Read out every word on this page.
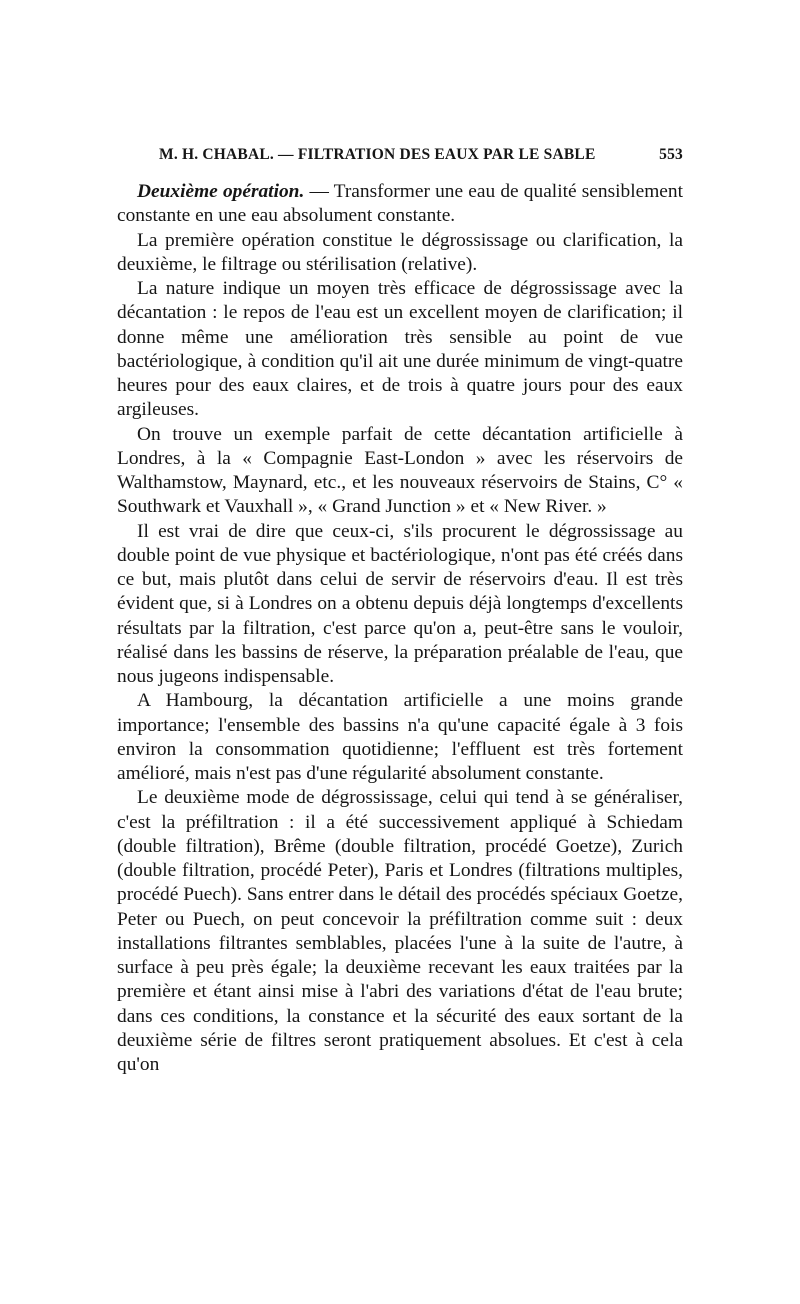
M. H. CHABAL. — FILTRATION DES EAUX PAR LE SABLE	553

Deuxième opération. — Transformer une eau de qualité sensiblement constante en une eau absolument constante.

La première opération constitue le dégrossissage ou clarification, la deuxième, le filtrage ou stérilisation (relative).

La nature indique un moyen très efficace de dégrossissage avec la décantation : le repos de l'eau est un excellent moyen de clarification; il donne même une amélioration très sensible au point de vue bactériologique, à condition qu'il ait une durée minimum de vingt-quatre heures pour des eaux claires, et de trois à quatre jours pour des eaux argileuses.

On trouve un exemple parfait de cette décantation artificielle à Londres, à la « Compagnie East-London » avec les réservoirs de Walthamstow, Maynard, etc., et les nouveaux réservoirs de Stains, C° « Southwark et Vauxhall », « Grand Junction » et « New River. »

Il est vrai de dire que ceux-ci, s'ils procurent le dégrossissage au double point de vue physique et bactériologique, n'ont pas été créés dans ce but, mais plutôt dans celui de servir de réservoirs d'eau. Il est très évident que, si à Londres on a obtenu depuis déjà longtemps d'excellents résultats par la filtration, c'est parce qu'on a, peut-être sans le vouloir, réalisé dans les bassins de réserve, la préparation préalable de l'eau, que nous jugeons indispensable.

A Hambourg, la décantation artificielle a une moins grande importance; l'ensemble des bassins n'a qu'une capacité égale à 3 fois environ la consommation quotidienne; l'effluent est très fortement amélioré, mais n'est pas d'une régularité absolument constante.

Le deuxième mode de dégrossissage, celui qui tend à se généraliser, c'est la préfiltration : il a été successivement appliqué à Schiedam (double filtration), Brême (double filtration, procédé Goetze), Zurich (double filtration, procédé Peter), Paris et Londres (filtrations multiples, procédé Puech). Sans entrer dans le détail des procédés spéciaux Goetze, Peter ou Puech, on peut concevoir la préfiltration comme suit : deux installations filtrantes semblables, placées l'une à la suite de l'autre, à surface à peu près égale; la deuxième recevant les eaux traitées par la première et étant ainsi mise à l'abri des variations d'état de l'eau brute; dans ces conditions, la constance et la sécurité des eaux sortant de la deuxième série de filtres seront pratiquement absolues. Et c'est à cela qu'on
